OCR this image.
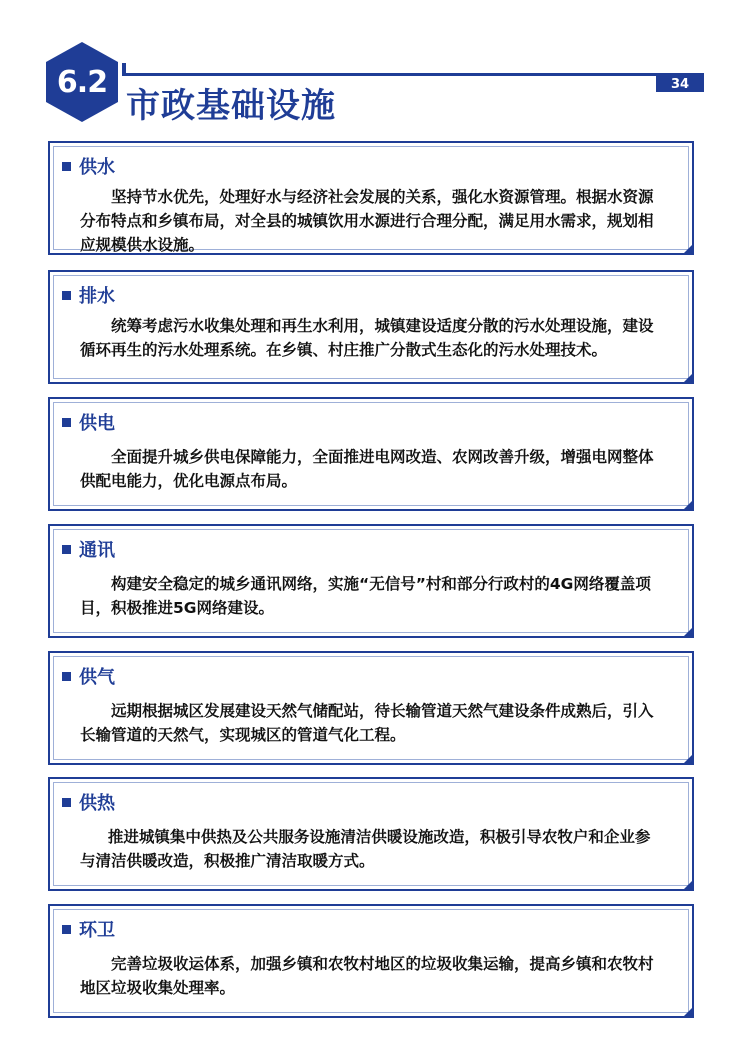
6.2	34
市政基础设施
供水
坚持节水优先，处理好水与经济社会发展的关系，强化水资源管理。根据水资源分布特点和乡镇布局，对全县的城镇饮用水源进行合理分配，满足用水需求，规划相应规模供水设施。
排水
统筹考虑污水收集处理和再生水利用，城镇建设适度分散的污水处理设施，建设循环再生的污水处理系统。在乡镇、村庄推广分散式生态化的污水处理技术。
供电
全面提升城乡供电保障能力，全面推进电网改造、农网改善升级，增强电网整体供配电能力，优化电源点布局。
通讯
构建安全稳定的城乡通讯网络，实施“无信号”村和部分行政村的4G网络覆盖项目，积极推进5G网络建设。
供气
远期根据城区发展建设天然气储配站，待长输管道天然气建设条件成熟后，引入长输管道的天然气，实现城区的管道气化工程。
供热
推进城镇集中供热及公共服务设施清洁供暖设施改造，积极引导农牧户和企业参与清洁供暖改造，积极推广清洁取暖方式。
环卫
完善垃圾收运体系，加强乡镇和农牧村地区的垃圾收集运输，提高乡镇和农牧村地区垃圾收集处理率。
